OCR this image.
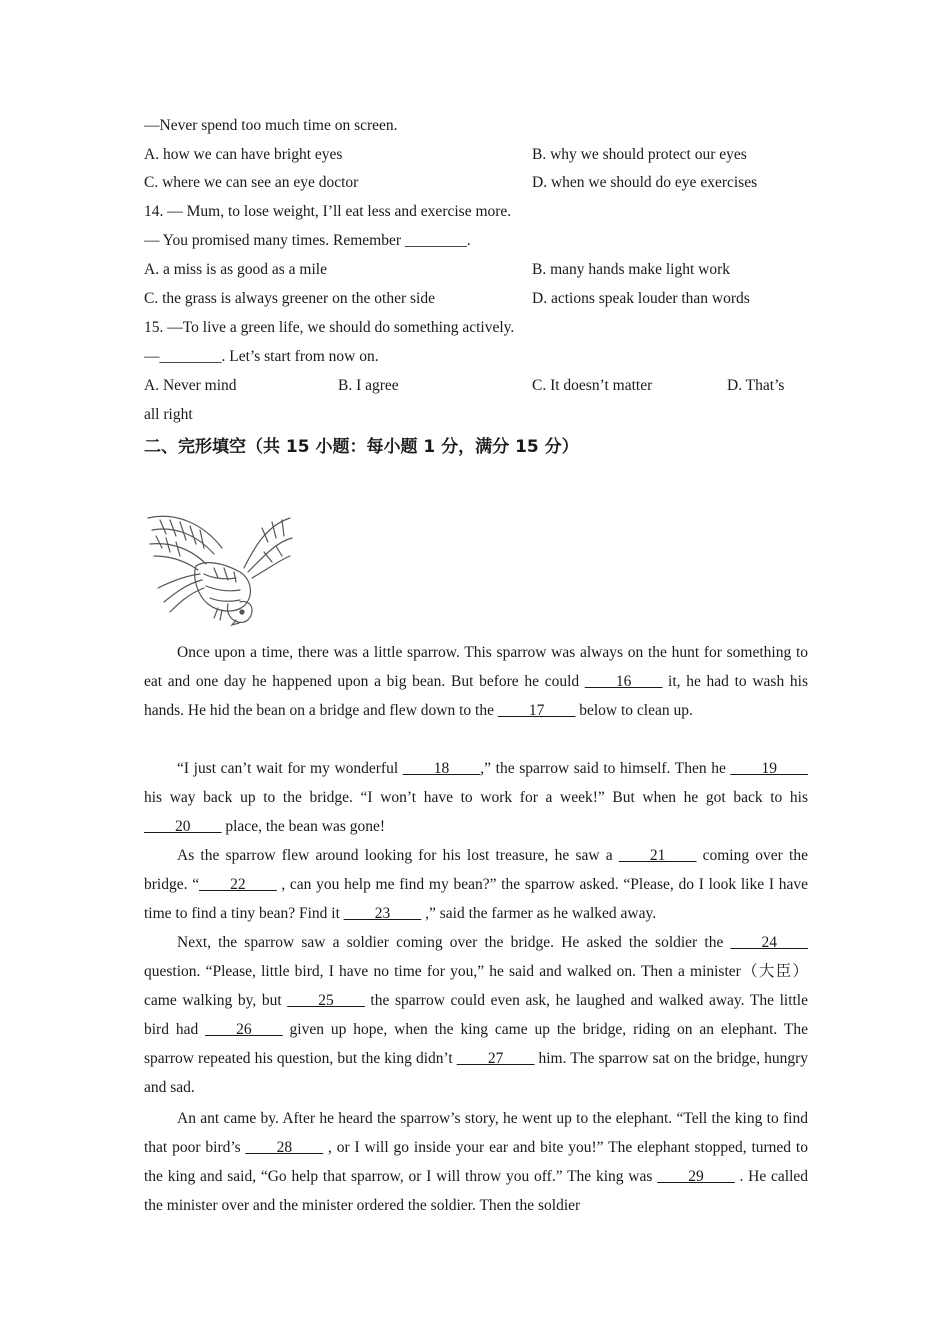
—Never spend too much time on screen.
A. how we can have bright eyes	B. why we should protect our eyes
C. where we can see an eye doctor	D. when we should do eye exercises
14. — Mum, to lose weight, I’ll eat less and exercise more.
— You promised many times. Remember ________.
A. a miss is as good as a mile	B. many hands make light work
C. the grass is always greener on the other side	D. actions speak louder than words
15. —To live a green life, we should do something actively.
—________. Let’s start from now on.
A. Never mind	B. I agree	C. It doesn’t matter	D. That’s
all right
二、完形填空（共 15 小题：每小题 1 分，满分 15 分）

Once upon a time, there was a little sparrow. This sparrow was always on the hunt for something to eat and one day he happened upon a big bean. But before he could ____16____ it, he had to wash his hands. He hid the bean on a bridge and flew down to the ____17____ below to clean up.

“I just can’t wait for my wonderful ____18____,” the sparrow said to himself. Then he ____19____ his way back up to the bridge. “I won’t have to work for a week!” But when he got back to his ____20____ place, the bean was gone!

As the sparrow flew around looking for his lost treasure, he saw a ____21____ coming over the bridge. “____22____ , can you help me find my bean?” the sparrow asked. “Please, do I look like I have time to find a tiny bean? Find it ____23____ ,” said the farmer as he walked away.

Next, the sparrow saw a soldier coming over the bridge. He asked the soldier the ____24____ question. “Please, little bird, I have no time for you,” he said and walked on. Then a minister（大臣）came walking by, but ____25____ the sparrow could even ask, he laughed and walked away. The little bird had ____26____ given up hope, when the king came up the bridge, riding on an elephant. The sparrow repeated his question, but the king didn’t ____27____ him. The sparrow sat on the bridge, hungry and sad.

An ant came by. After he heard the sparrow’s story, he went up to the elephant. “Tell the king to find that poor bird’s ____28____ , or I will go inside your ear and bite you!” The elephant stopped, turned to the king and said, “Go help that sparrow, or I will throw you off.” The king was ____29____ . He called the minister over and the minister ordered the soldier. Then the soldier
